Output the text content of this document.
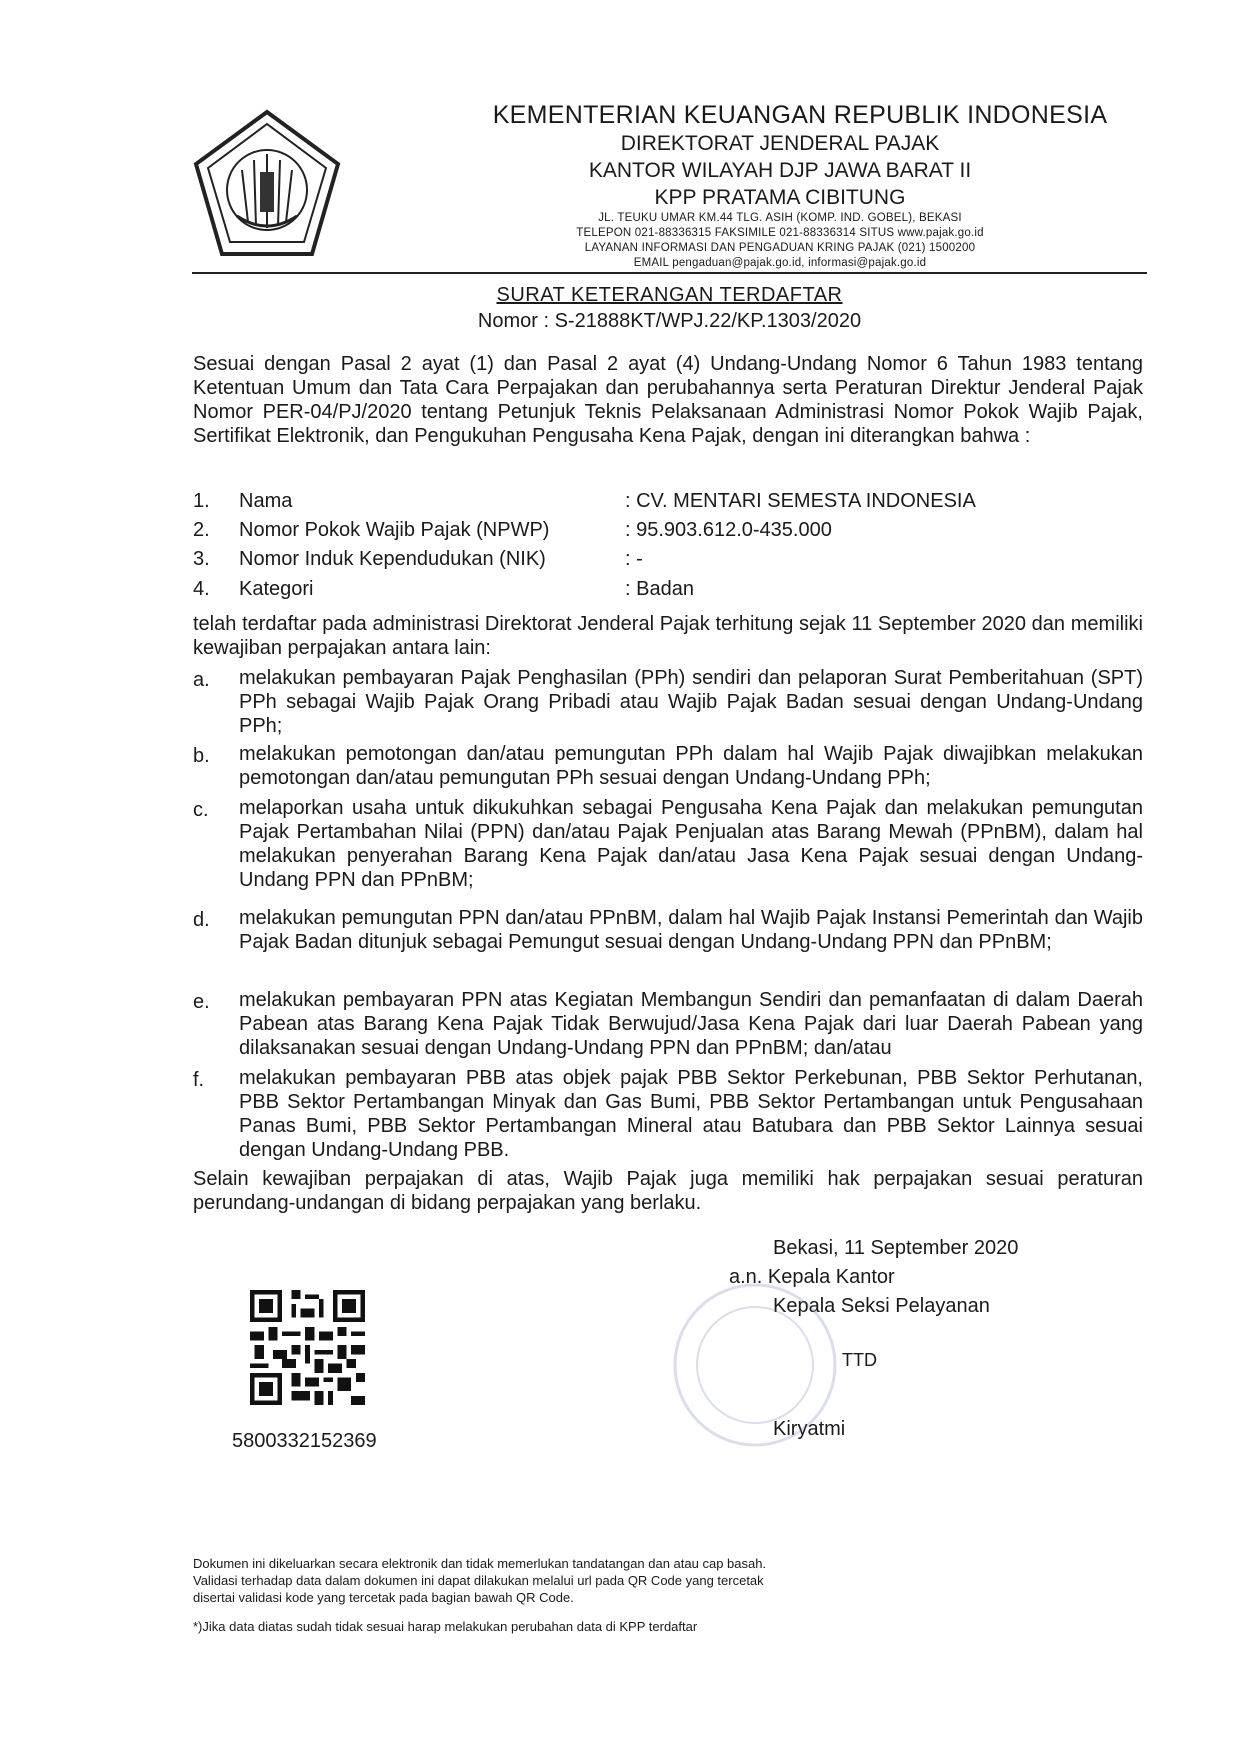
KEMENTERIAN KEUANGAN REPUBLIK INDONESIA
DIREKTORAT JENDERAL PAJAK
KANTOR WILAYAH DJP JAWA BARAT II
KPP PRATAMA CIBITUNG
JL. TEUKU UMAR KM.44 TLG. ASIH (KOMP. IND. GOBEL), BEKASI
TELEPON 021-88336315 FAKSIMILE 021-88336314 SITUS www.pajak.go.id
LAYANAN INFORMASI DAN PENGADUAN KRING PAJAK (021) 1500200
EMAIL pengaduan@pajak.go.id, informasi@pajak.go.id
SURAT KETERANGAN TERDAFTAR
Nomor : S-21888KT/WPJ.22/KP.1303/2020
Sesuai dengan Pasal 2 ayat (1) dan Pasal 2 ayat (4) Undang-Undang Nomor 6 Tahun 1983 tentang Ketentuan Umum dan Tata Cara Perpajakan dan perubahannya serta Peraturan Direktur Jenderal Pajak Nomor PER-04/PJ/2020 tentang Petunjuk Teknis Pelaksanaan Administrasi Nomor Pokok Wajib Pajak, Sertifikat Elektronik, dan Pengukuhan Pengusaha Kena Pajak, dengan ini diterangkan bahwa :
1. Nama	: CV. MENTARI SEMESTA INDONESIA
2. Nomor Pokok Wajib Pajak (NPWP)	: 95.903.612.0-435.000
3. Nomor Induk Kependudukan (NIK)	: -
4. Kategori	: Badan
telah terdaftar pada administrasi Direktorat Jenderal Pajak terhitung sejak 11 September 2020 dan memiliki kewajiban perpajakan antara lain:
a. melakukan pembayaran Pajak Penghasilan (PPh) sendiri dan pelaporan Surat Pemberitahuan (SPT) PPh sebagai Wajib Pajak Orang Pribadi atau Wajib Pajak Badan sesuai dengan Undang-Undang PPh;
b. melakukan pemotongan dan/atau pemungutan PPh dalam hal Wajib Pajak diwajibkan melakukan pemotongan dan/atau pemungutan PPh sesuai dengan Undang-Undang PPh;
c. melaporkan usaha untuk dikukuhkan sebagai Pengusaha Kena Pajak dan melakukan pemungutan Pajak Pertambahan Nilai (PPN) dan/atau Pajak Penjualan atas Barang Mewah (PPnBM), dalam hal melakukan penyerahan Barang Kena Pajak dan/atau Jasa Kena Pajak sesuai dengan Undang-Undang PPN dan PPnBM;
d. melakukan pemungutan PPN dan/atau PPnBM, dalam hal Wajib Pajak Instansi Pemerintah dan Wajib Pajak Badan ditunjuk sebagai Pemungut sesuai dengan Undang-Undang PPN dan PPnBM;
e. melakukan pembayaran PPN atas Kegiatan Membangun Sendiri dan pemanfaatan di dalam Daerah Pabean atas Barang Kena Pajak Tidak Berwujud/Jasa Kena Pajak dari luar Daerah Pabean yang dilaksanakan sesuai dengan Undang-Undang PPN dan PPnBM; dan/atau
f. melakukan pembayaran PBB atas objek pajak PBB Sektor Perkebunan, PBB Sektor Perhutanan, PBB Sektor Pertambangan Minyak dan Gas Bumi, PBB Sektor Pertambangan untuk Pengusahaan Panas Bumi, PBB Sektor Pertambangan Mineral atau Batubara dan PBB Sektor Lainnya sesuai dengan Undang-Undang PBB.
Selain kewajiban perpajakan di atas, Wajib Pajak juga memiliki hak perpajakan sesuai peraturan perundang-undangan di bidang perpajakan yang berlaku.
Bekasi, 11 September 2020
a.n. Kepala Kantor
Kepala Seksi Pelayanan
TTD
Kiryatmi
5800332152369
Dokumen ini dikeluarkan secara elektronik dan tidak memerlukan tandatangan dan atau cap basah.
Validasi terhadap data dalam dokumen ini dapat dilakukan melalui url pada QR Code yang tercetak
disertai validasi kode yang tercetak pada bagian bawah QR Code.
*)Jika data diatas sudah tidak sesuai harap melakukan perubahan data di KPP terdaftar
